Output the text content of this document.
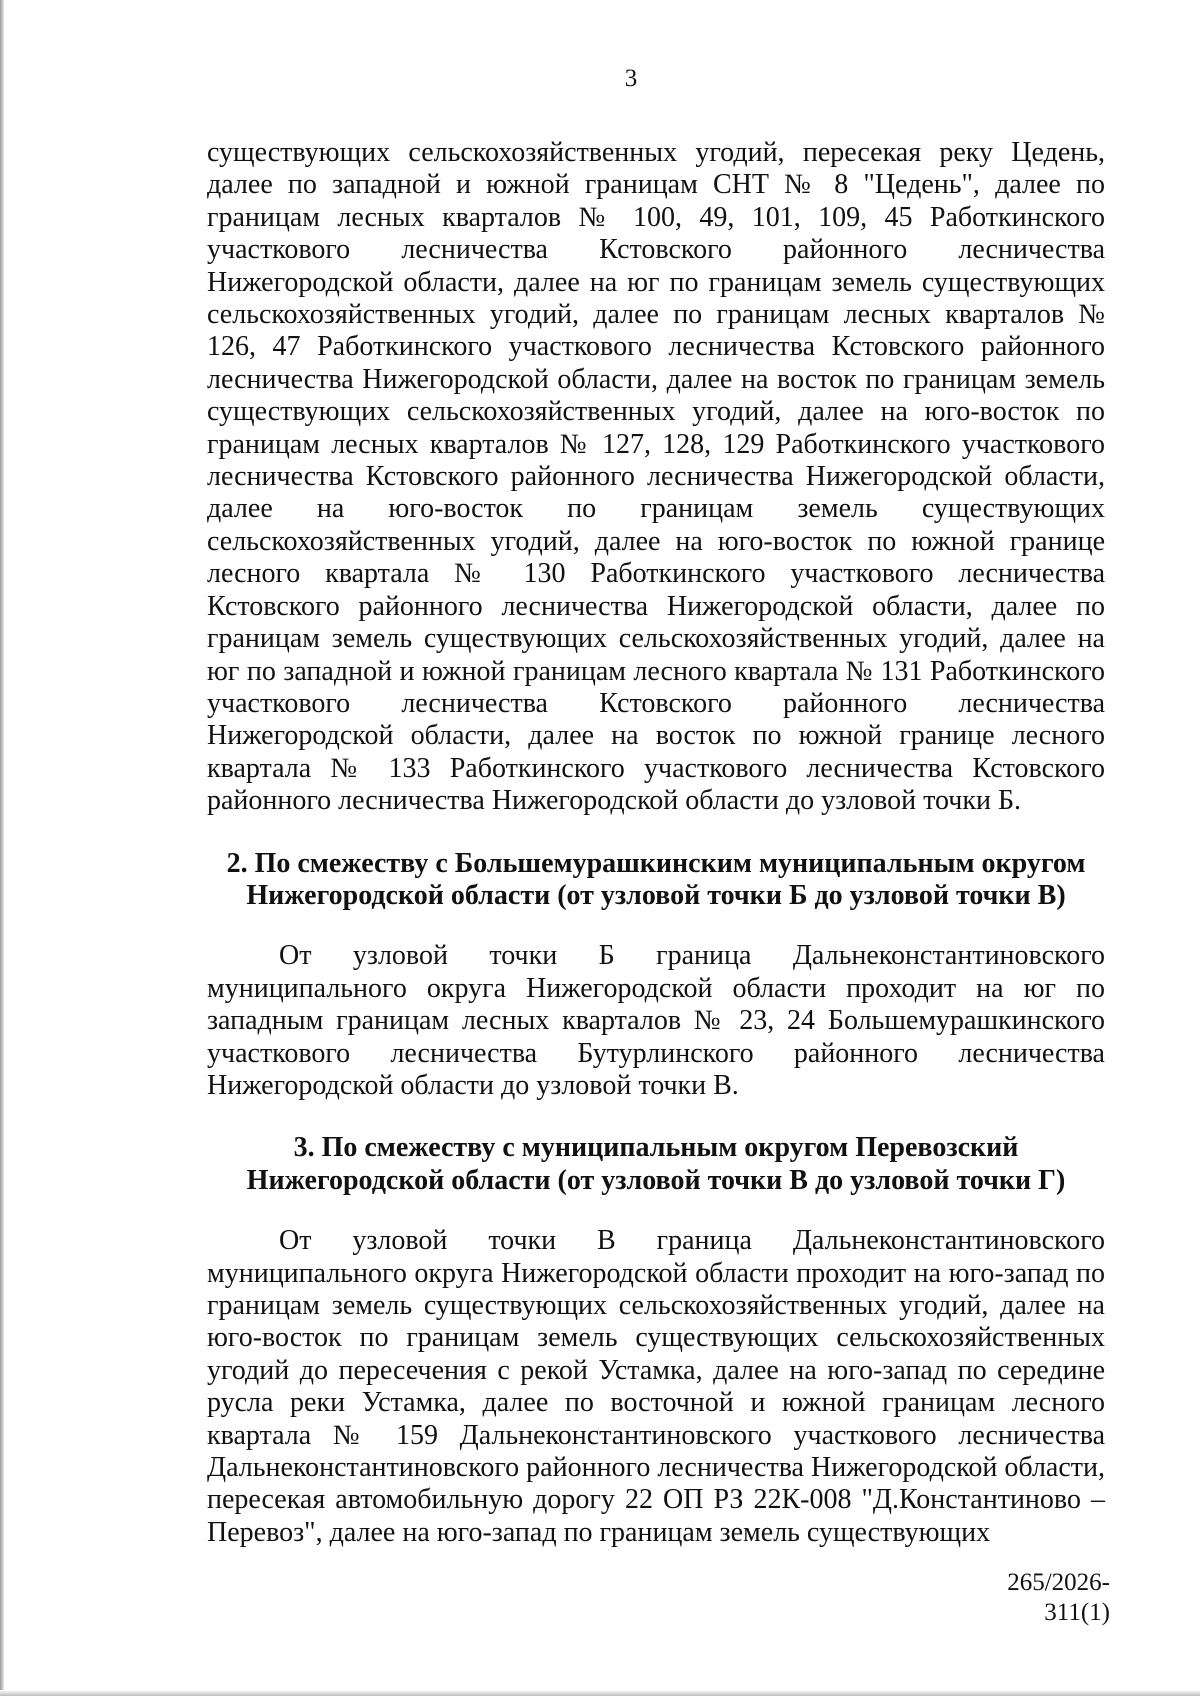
3

существующих сельскохозяйственных угодий, пересекая реку Цедень, далее по западной и южной границам СНТ № 8 "Цедень", далее по границам лесных кварталов № 100, 49, 101, 109, 45 Работкинского участкового лесничества Кстовского районного лесничества Нижегородской области, далее на юг по границам земель существующих сельскохозяйственных угодий, далее по границам лесных кварталов № 126, 47 Работкинского участкового лесничества Кстовского районного лесничества Нижегородской области, далее на восток по границам земель существующих сельскохозяйственных угодий, далее на юго-восток по границам лесных кварталов № 127, 128, 129 Работкинского участкового лесничества Кстовского районного лесничества Нижегородской области, далее на юго-восток по границам земель существующих сельскохозяйственных угодий, далее на юго-восток по южной границе лесного квартала № 130 Работкинского участкового лесничества Кстовского районного лесничества Нижегородской области, далее по границам земель существующих сельскохозяйственных угодий, далее на юг по западной и южной границам лесного квартала № 131 Работкинского участкового лесничества Кстовского районного лесничества Нижегородской области, далее на восток по южной границе лесного квартала № 133 Работкинского участкового лесничества Кстовского районного лесничества Нижегородской области до узловой точки Б.

2. По смежеству с Большемурашкинским муниципальным округом
Нижегородской области (от узловой точки Б до узловой точки В)

От узловой точки Б граница Дальнеконстантиновского муниципального округа Нижегородской области проходит на юг по западным границам лесных кварталов № 23, 24 Большемурашкинского участкового лесничества Бутурлинского районного лесничества Нижегородской области до узловой точки В.

3. По смежеству с муниципальным округом Перевозский
Нижегородской области (от узловой точки В до узловой точки Г)

От узловой точки В граница Дальнеконстантиновского муниципального округа Нижегородской области проходит на юго-запад по границам земель существующих сельскохозяйственных угодий, далее на юго-восток по границам земель существующих сельскохозяйственных угодий до пересечения с рекой Устамка, далее на юго-запад по середине русла реки Устамка, далее по восточной и южной границам лесного квартала № 159 Дальнеконстантиновского участкового лесничества Дальнеконстантиновского районного лесничества Нижегородской области, пересекая автомобильную дорогу 22 ОП РЗ 22К-008 "Д.Константиново – Перевоз", далее на юго-запад по границам земель существующих

265/2026-311(1)
